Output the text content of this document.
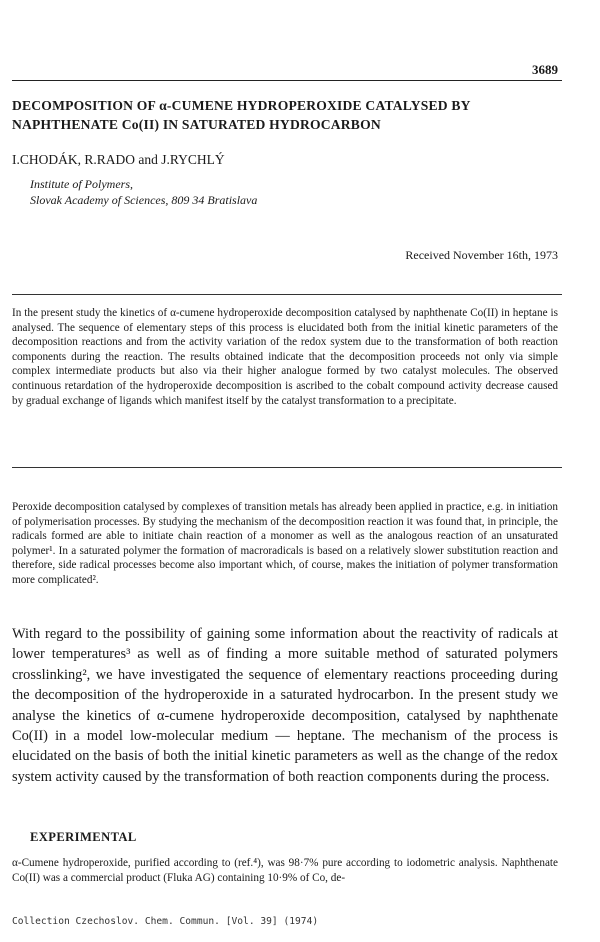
3689
DECOMPOSITION OF α-CUMENE HYDROPEROXIDE CATALYSED BY NAPHTHENATE Co(II) IN SATURATED HYDROCARBON
I.CHODÁK, R.RADO and J.RYCHLÝ
Institute of Polymers,
Slovak Academy of Sciences, 809 34 Bratislava
Received November 16th, 1973
In the present study the kinetics of α-cumene hydroperoxide decomposition catalysed by naphthenate Co(II) in heptane is analysed. The sequence of elementary steps of this process is elucidated both from the initial kinetic parameters of the decomposition reactions and from the activity variation of the redox system due to the transformation of both reaction components during the reaction. The results obtained indicate that the decomposition proceeds not only via simple complex intermediate products but also via their higher analogue formed by two catalyst molecules. The observed continuous retardation of the hydroperoxide decomposition is ascribed to the cobalt compound activity decrease caused by gradual exchange of ligands which manifest itself by the catalyst transformation to a precipitate.
Peroxide decomposition catalysed by complexes of transition metals has already been applied in practice, e.g. in initiation of polymerisation processes. By studying the mechanism of the decomposition reaction it was found that, in principle, the radicals formed are able to initiate chain reaction of a monomer as well as the analogous reaction of an unsaturated polymer¹. In a saturated polymer the formation of macroradicals is based on a relatively slower substitution reaction and therefore, side radical processes become also important which, of course, makes the initiation of polymer transformation more complicated².
With regard to the possibility of gaining some information about the reactivity of radicals at lower temperatures³ as well as of finding a more suitable method of saturated polymers crosslinking², we have investigated the sequence of elementary reactions proceeding during the decomposition of the hydroperoxide in a saturated hydrocarbon. In the present study we analyse the kinetics of α-cumene hydroperoxide decomposition, catalysed by naphthenate Co(II) in a model low-molecular medium — heptane. The mechanism of the process is elucidated on the basis of both the initial kinetic parameters as well as the change of the redox system activity caused by the transformation of both reaction components during the process.
EXPERIMENTAL
α-Cumene hydroperoxide, purified according to (ref.⁴), was 98·7% pure according to iodometric analysis. Naphthenate Co(II) was a commercial product (Fluka AG) containing 10·9% of Co, de-
Collection Czechoslov. Chem. Commun. [Vol. 39] (1974)
